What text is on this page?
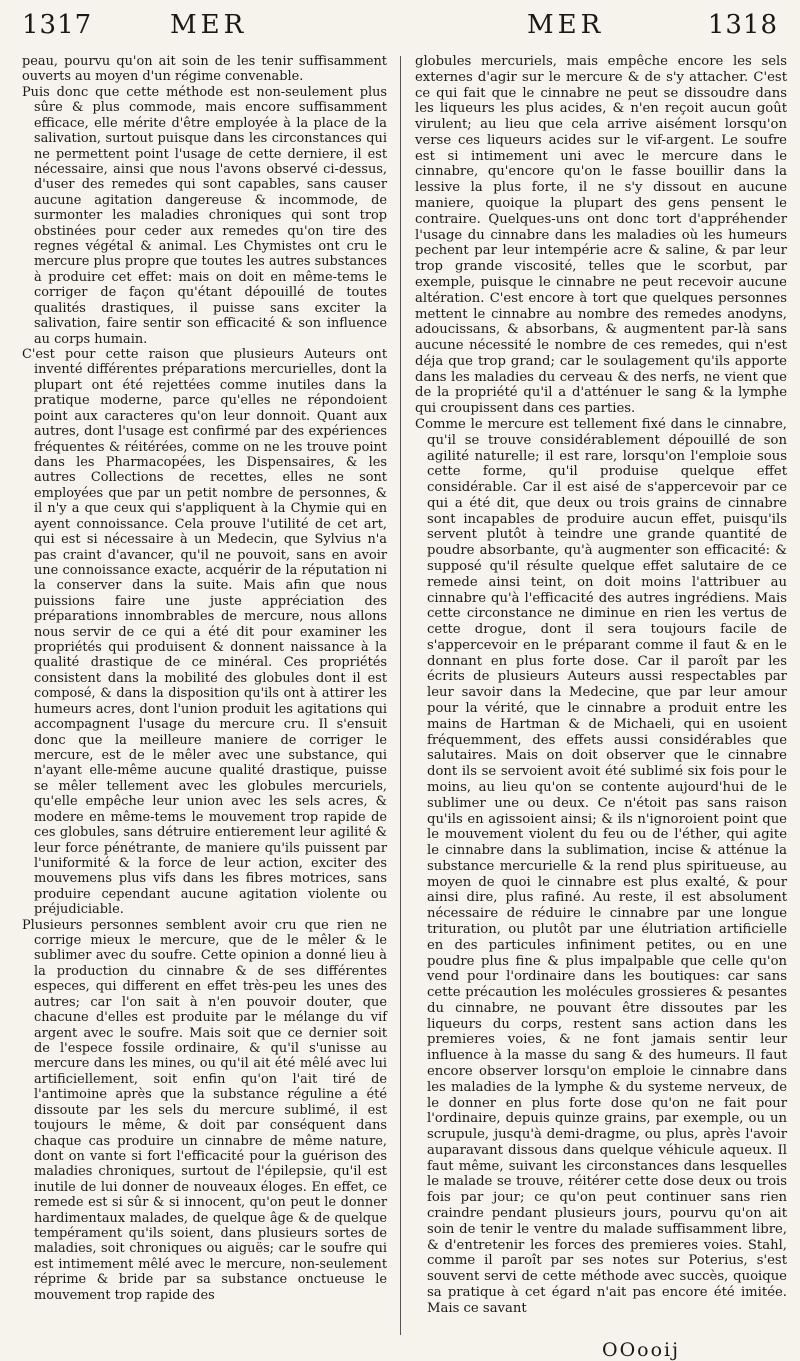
1317	MER	MER	1318

peau, pourvu qu'on ait soin de les tenir suffisamment ouverts au moyen d'un régime convenable.

Puis donc que cette méthode est non-seulement plus sûre & plus commode, mais encore suffisamment efficace, elle mérite d'être employée à la place de la salivation, surtout puisque dans les circonstances qui ne permettent point l'usage de cette derniere, il est nécessaire, ainsi que nous l'avons observé ci-dessus, d'user des remedes qui sont capables, sans causer aucune agitation dangereuse & incommode, de surmonter les maladies chroniques qui sont trop obstinées pour ceder aux remedes qu'on tire des regnes végétal & animal. Les Chymistes ont cru le mercure plus propre que toutes les autres substances à produire cet effet: mais on doit en même-tems le corriger de façon qu'étant dépouillé de toutes qualités drastiques, il puisse sans exciter la salivation, faire sentir son efficacité & son influence au corps humain.

C'est pour cette raison que plusieurs Auteurs ont inventé différentes préparations mercurielles, dont la plupart ont été rejettées comme inutiles dans la pratique moderne, parce qu'elles ne répondoient point aux caracteres qu'on leur donnoit. Quant aux autres, dont l'usage est confirmé par des expériences fréquentes & réitérées, comme on ne les trouve point dans les Pharmacopées, les Dispensaires, & les autres Collections de recettes, elles ne sont employées que par un petit nombre de personnes, & il n'y a que ceux qui s'appliquent à la Chymie qui en ayent connoissance. Cela prouve l'utilité de cet art, qui est si nécessaire à un Medecin, que Sylvius n'a pas craint d'avancer, qu'il ne pouvoit, sans en avoir une connoissance exacte, acquérir de la réputation ni la conserver dans la suite. Mais afin que nous puissions faire une juste appréciation des préparations innombrables de mercure, nous allons nous servir de ce qui a été dit pour examiner les propriétés qui produisent & donnent naissance à la qualité drastique de ce minéral. Ces propriétés consistent dans la mobilité des globules dont il est composé, & dans la disposition qu'ils ont à attirer les humeurs acres, dont l'union produit les agitations qui accompagnent l'usage du mercure cru. Il s'ensuit donc que la meilleure maniere de corriger le mercure, est de le mêler avec une substance, qui n'ayant elle-même aucune qualité drastique, puisse se mêler tellement avec les globules mercuriels, qu'elle empêche leur union avec les sels acres, & modere en même-tems le mouvement trop rapide de ces globules, sans détruire entierement leur agilité & leur force pénétrante, de maniere qu'ils puissent par l'uniformité & la force de leur action, exciter des mouvemens plus vifs dans les fibres motrices, sans produire cependant aucune agitation violente ou préjudiciable.

Plusieurs personnes semblent avoir cru que rien ne corrige mieux le mercure, que de le mêler & le sublimer avec du soufre. Cette opinion a donné lieu à la production du cinnabre & de ses différentes especes, qui different en effet très-peu les unes des autres; car l'on sait à n'en pouvoir douter, que chacune d'elles est produite par le mélange du vif argent avec le soufre. Mais soit que ce dernier soit de l'espece fossile ordinaire, & qu'il s'unisse au mercure dans les mines, ou qu'il ait été mêlé avec lui artificiellement, soit enfin qu'on l'ait tiré de l'antimoine après que la substance réguline a été dissoute par les sels du mercure sublimé, il est toujours le même, & doit par conséquent dans chaque cas produire un cinnabre de même nature, dont on vante si fort l'efficacité pour la guérison des maladies chroniques, surtout de l'épilepsie, qu'il est inutile de lui donner de nouveaux éloges. En effet, ce remede est si sûr & si innocent, qu'on peut le donner hardimentaux malades, de quelque âge & de quelque tempérament qu'ils soient, dans plusieurs sortes de maladies, soit chroniques ou aiguës; car le soufre qui est intimement mêlé avec le mercure, non-seulement réprime & bride par sa substance onctueuse le mouvement trop rapide des

globules mercuriels, mais empêche encore les sels externes d'agir sur le mercure & de s'y attacher. C'est ce qui fait que le cinnabre ne peut se dissoudre dans les liqueurs les plus acides, & n'en reçoit aucun goût virulent; au lieu que cela arrive aisément lorsqu'on verse ces liqueurs acides sur le vif-argent. Le soufre est si intimement uni avec le mercure dans le cinnabre, qu'encore qu'on le fasse bouillir dans la lessive la plus forte, il ne s'y dissout en aucune maniere, quoique la plupart des gens pensent le contraire. Quelques-uns ont donc tort d'appréhender l'usage du cinnabre dans les maladies où les humeurs pechent par leur intempérie acre & saline, & par leur trop grande viscosité, telles que le scorbut, par exemple, puisque le cinnabre ne peut recevoir aucune altération. C'est encore à tort que quelques personnes mettent le cinnabre au nombre des remedes anodyns, adoucissans, & absorbans, & augmentent par-là sans aucune nécessité le nombre de ces remedes, qui n'est déja que trop grand; car le soulagement qu'ils apporte dans les maladies du cerveau & des nerfs, ne vient que de la propriété qu'il a d'atténuer le sang & la lymphe qui croupissent dans ces parties.

Comme le mercure est tellement fixé dans le cinnabre, qu'il se trouve considérablement dépouillé de son agilité naturelle; il est rare, lorsqu'on l'emploie sous cette forme, qu'il produise quelque effet considérable. Car il est aisé de s'appercevoir par ce qui a été dit, que deux ou trois grains de cinnabre sont incapables de produire aucun effet, puisqu'ils servent plutôt à teindre une grande quantité de poudre absorbante, qu'à augmenter son efficacité: & supposé qu'il résulte quelque effet salutaire de ce remede ainsi teint, on doit moins l'attribuer au cinnabre qu'à l'efficacité des autres ingrédiens. Mais cette circonstance ne diminue en rien les vertus de cette drogue, dont il sera toujours facile de s'appercevoir en le préparant comme il faut & en le donnant en plus forte dose. Car il paroît par les écrits de plusieurs Auteurs aussi respectables par leur savoir dans la Medecine, que par leur amour pour la vérité, que le cinnabre a produit entre les mains de Hartman & de Michaeli, qui en usoient fréquemment, des effets aussi considérables que salutaires. Mais on doit observer que le cinnabre dont ils se servoient avoit été sublimé six fois pour le moins, au lieu qu'on se contente aujourd'hui de le sublimer une ou deux. Ce n'étoit pas sans raison qu'ils en agissoient ainsi; & ils n'ignoroient point que le mouvement violent du feu ou de l'éther, qui agite le cinnabre dans la sublimation, incise & atténue la substance mercurielle & la rend plus spiritueuse, au moyen de quoi le cinnabre est plus exalté, & pour ainsi dire, plus rafiné. Au reste, il est absolument nécessaire de réduire le cinnabre par une longue trituration, ou plutôt par une élutriation artificielle en des particules infiniment petites, ou en une poudre plus fine & plus impalpable que celle qu'on vend pour l'ordinaire dans les boutiques: car sans cette précaution les molécules grossieres & pesantes du cinnabre, ne pouvant être dissoutes par les liqueurs du corps, restent sans action dans les premieres voies, & ne font jamais sentir leur influence à la masse du sang & des humeurs. Il faut encore observer lorsqu'on emploie le cinnabre dans les maladies de la lymphe & du systeme nerveux, de le donner en plus forte dose qu'on ne fait pour l'ordinaire, depuis quinze grains, par exemple, ou un scrupule, jusqu'à demi-dragme, ou plus, après l'avoir auparavant dissous dans quelque véhicule aqueux. Il faut même, suivant les circonstances dans lesquelles le malade se trouve, réitérer cette dose deux ou trois fois par jour; ce qu'on peut continuer sans rien craindre pendant plusieurs jours, pourvu qu'on ait soin de tenir le ventre du malade suffisamment libre, & d'entretenir les forces des premieres voies. Stahl, comme il paroît par ses notes sur Poterius, s'est souvent servi de cette méthode avec succès, quoique sa pratique à cet égard n'ait pas encore été imitée. Mais ce savant

OOooij
